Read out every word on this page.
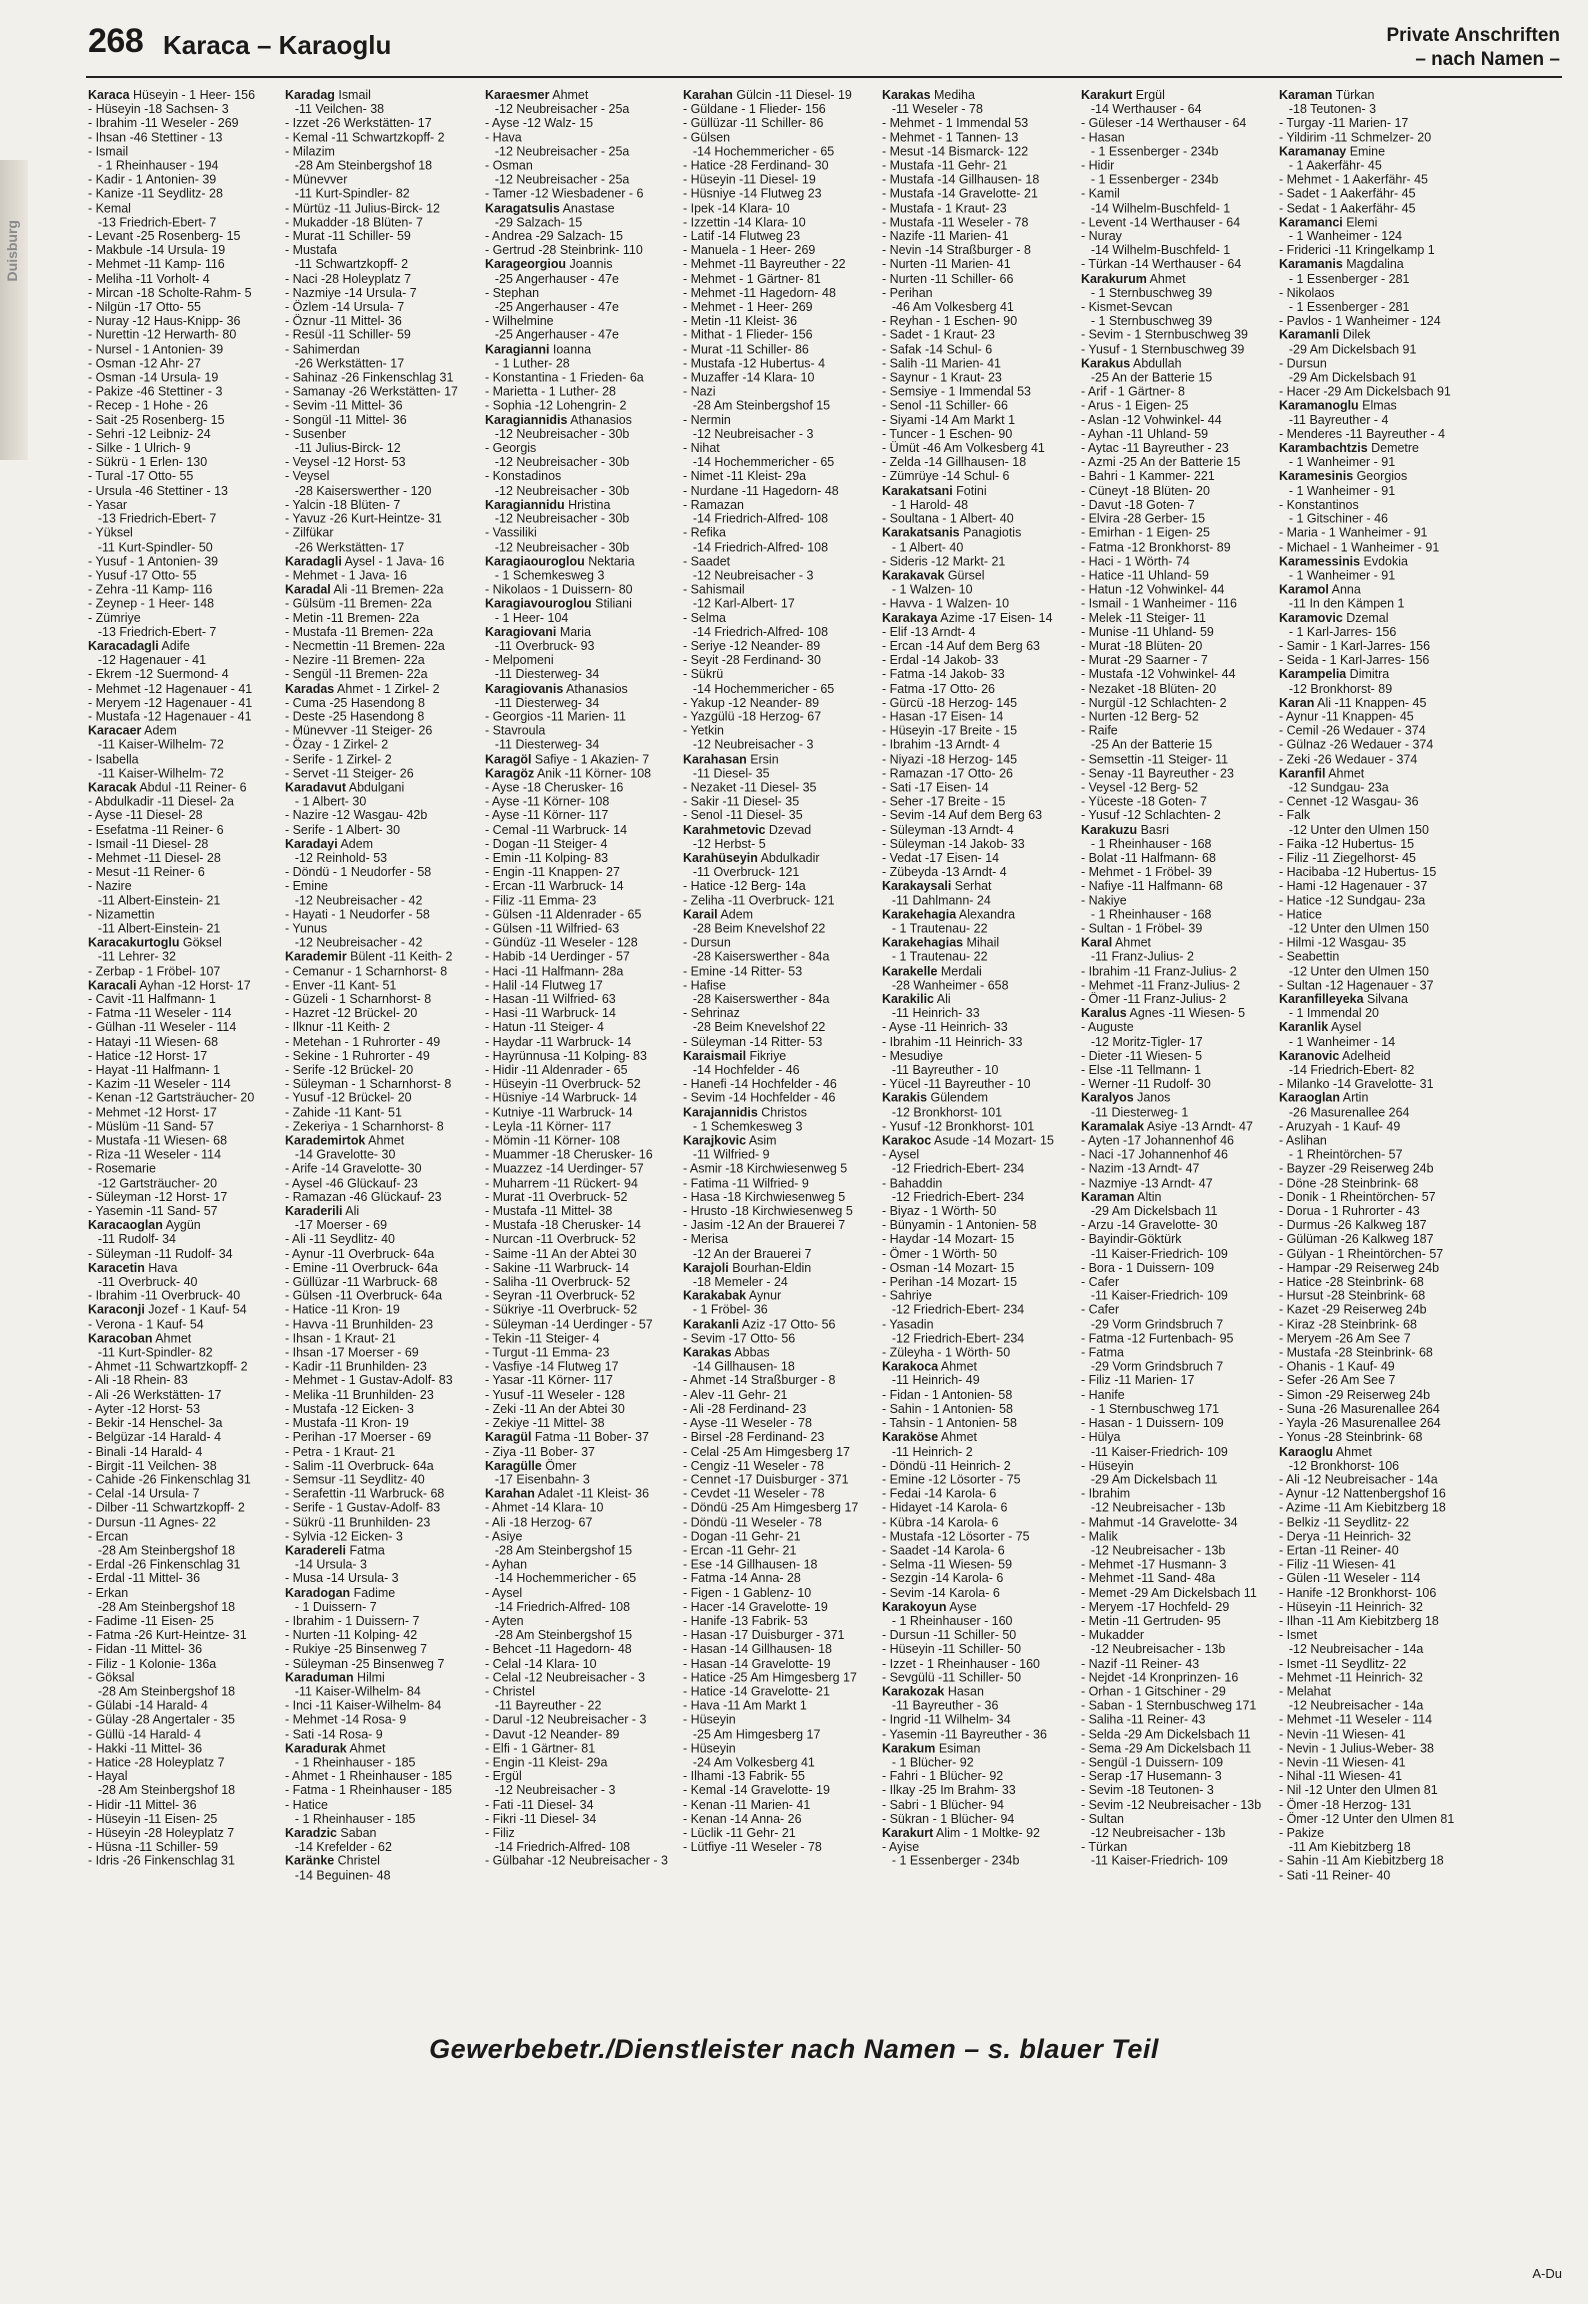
Duisburg
268 Karaca – Karaoglu	Private Anschriften
– nach Namen –
Karaca Hüseyin - 1 Heer- 156
- Hüseyin -18 Sachsen- 3
- Ibrahim -11 Weseler - 269
- Ihsan -46 Stettiner - 13
- Ismail
- 1 Rheinhauser - 194
- Kadir - 1 Antonien- 39
- Kanize -11 Seydlitz- 28
- Kemal
-13 Friedrich-Ebert- 7
- Levant -25 Rosenberg- 15
- Makbule -14 Ursula- 19
- Mehmet -11 Kamp- 116
- Meliha -11 Vorholt- 4
- Mircan -18 Scholte-Rahm- 5
- Nilgün -17 Otto- 55
- Nuray -12 Haus-Knipp- 36
- Nurettin -12 Herwarth- 80
- Nursel - 1 Antonien- 39
- Osman -12 Ahr- 27
- Osman -14 Ursula- 19
- Pakize -46 Stettiner - 3
- Recep - 1 Hohe - 26
- Sait -25 Rosenberg- 15
- Sehri -12 Leibniz- 24
- Silke - 1 Ulrich- 9
- Sükrü - 1 Erlen- 130
- Tural -17 Otto- 55
- Ursula -46 Stettiner - 13
- Yasar
-13 Friedrich-Ebert- 7
- Yüksel
-11 Kurt-Spindler- 50
- Yusuf - 1 Antonien- 39
- Yusuf -17 Otto- 55
- Zehra -11 Kamp- 116
- Zeynep - 1 Heer- 148
- Zümriye
-13 Friedrich-Ebert- 7
Karacadagli Adife
-12 Hagenauer - 41
- Ekrem -12 Suermond- 4
- Mehmet -12 Hagenauer - 41
- Meryem -12 Hagenauer - 41
- Mustafa -12 Hagenauer - 41
Karacaer Adem
-11 Kaiser-Wilhelm- 72
- Isabella
-11 Kaiser-Wilhelm- 72
Karacak Abdul -11 Reiner- 6
- Abdulkadir -11 Diesel- 2a
- Ayse -11 Diesel- 28
- Esefatma -11 Reiner- 6
- Ismail -11 Diesel- 28
- Mehmet -11 Diesel- 28
- Mesut -11 Reiner- 6
- Nazire
-11 Albert-Einstein- 21
- Nizamettin
-11 Albert-Einstein- 21
Karacakurtoglu Göksel
-11 Lehrer- 32
- Zerbap - 1 Fröbel- 107
Karacali Ayhan -12 Horst- 17
- Cavit -11 Halfmann- 1
- Fatma -11 Weseler - 114
- Gülhan -11 Weseler - 114
- Hatayi -11 Wiesen- 68
- Hatice -12 Horst- 17
- Hayat -11 Halfmann- 1
- Kazim -11 Weseler - 114
- Kenan -12 Gartsträucher- 20
- Mehmet -12 Horst- 17
- Müslüm -11 Sand- 57
- Mustafa -11 Wiesen- 68
- Riza -11 Weseler - 114
- Rosemarie
-12 Gartsträucher- 20
- Süleyman -12 Horst- 17
- Yasemin -11 Sand- 57
Karacaoglan Aygün
-11 Rudolf- 34
- Süleyman -11 Rudolf- 34
Karacetin Hava
-11 Overbruck- 40
- Ibrahim -11 Overbruck- 40
Karaconji Jozef - 1 Kauf- 54
- Verona - 1 Kauf- 54
Karacoban Ahmet
-11 Kurt-Spindler- 82
- Ahmet -11 Schwartzkopff- 2
- Ali -18 Rhein- 83
- Ali -26 Werkstätten- 17
- Ayter -12 Horst- 53
- Bekir -14 Henschel- 3a
- Belgüzar -14 Harald- 4
- Binali -14 Harald- 4
- Birgit -11 Veilchen- 38
- Cahide -26 Finkenschlag 31
- Celal -14 Ursula- 7
- Dilber -11 Schwartzkopff- 2
- Dursun -11 Agnes- 22
- Ercan
-28 Am Steinbergshof 18
- Erdal -26 Finkenschlag 31
- Erdal -11 Mittel- 36
- Erkan
-28 Am Steinbergshof 18
- Fadime -11 Eisen- 25
- Fatma -26 Kurt-Heintze- 31
- Fidan -11 Mittel- 36
- Filiz - 1 Kolonie- 136a
- Göksal
-28 Am Steinbergshof 18
- Gülabi -14 Harald- 4
- Gülay -28 Angertaler - 35
- Güllü -14 Harald- 4
- Hakki -11 Mittel- 36
- Hatice -28 Holeyplatz 7
- Hayal
-28 Am Steinbergshof 18
- Hidir -11 Mittel- 36
- Hüseyin -11 Eisen- 25
- Hüseyin -28 Holeyplatz 7
- Hüsna -11 Schiller- 59
- Idris -26 Finkenschlag 31
Karadag Ismail
-11 Veilchen- 38
- Izzet -26 Werkstätten- 17
- Kemal -11 Schwartzkopff- 2
- Milazim
-28 Am Steinbergshof 18
- Münevver
-11 Kurt-Spindler- 82
- Mürtüz -11 Julius-Birck- 12
- Mukadder -18 Blüten- 7
- Murat -11 Schiller- 59
- Mustafa
-11 Schwartzkopff- 2
- Naci -28 Holeyplatz 7
- Nazmiye -14 Ursula- 7
- Özlem -14 Ursula- 7
- Öznur -11 Mittel- 36
- Resül -11 Schiller- 59
- Sahimerdan
-26 Werkstätten- 17
- Sahinaz -26 Finkenschlag 31
- Samanay -26 Werkstätten- 17
- Sevim -11 Mittel- 36
- Songül -11 Mittel- 36
- Susenber
-11 Julius-Birck- 12
- Veysel -12 Horst- 53
- Veysel
-28 Kaiserswerther - 120
- Yalcin -18 Blüten- 7
- Yavuz -26 Kurt-Heintze- 31
- Zilfükar
-26 Werkstätten- 17
Karadagli Aysel - 1 Java- 16
- Mehmet - 1 Java- 16
Karadal Ali -11 Bremen- 22a
- Gülsüm -11 Bremen- 22a
- Metin -11 Bremen- 22a
- Mustafa -11 Bremen- 22a
- Necmettin -11 Bremen- 22a
- Nezire -11 Bremen- 22a
- Sengül -11 Bremen- 22a
Karadas Ahmet - 1 Zirkel- 2
- Cuma -25 Hasendong 8
- Deste -25 Hasendong 8
- Münevver -11 Steiger- 26
- Özay - 1 Zirkel- 2
- Serife - 1 Zirkel- 2
- Servet -11 Steiger- 26
Karadavut Abdulgani
- 1 Albert- 30
- Nazire -12 Wasgau- 42b
- Serife - 1 Albert- 30
Karadayi Adem
-12 Reinhold- 53
- Döndü - 1 Neudorfer - 58
- Emine
-12 Neubreisacher - 42
- Hayati - 1 Neudorfer - 58
- Yunus
-12 Neubreisacher - 42
Karademir Bülent -11 Keith- 2
- Cemanur - 1 Scharnhorst- 8
- Enver -11 Kant- 51
- Güzeli - 1 Scharnhorst- 8
- Hazret -12 Brückel- 20
- Ilknur -11 Keith- 2
- Metehan - 1 Ruhrorter - 49
- Sekine - 1 Ruhrorter - 49
- Serife -12 Brückel- 20
- Süleyman - 1 Scharnhorst- 8
- Yusuf -12 Brückel- 20
- Zahide -11 Kant- 51
- Zekeriya - 1 Scharnhorst- 8
Karademirtok Ahmet
-14 Gravelotte- 30
- Arife -14 Gravelotte- 30
- Aysel -46 Glückauf- 23
- Ramazan -46 Glückauf- 23
Karaderili Ali
-17 Moerser - 69
- Ali -11 Seydlitz- 40
- Aynur -11 Overbruck- 64a
- Emine -11 Overbruck- 64a
- Güllüzar -11 Warbruck- 68
- Gülsen -11 Overbruck- 64a
- Hatice -11 Kron- 19
- Havva -11 Brunhilden- 23
- Ihsan - 1 Kraut- 21
- Ihsan -17 Moerser - 69
- Kadir -11 Brunhilden- 23
- Mehmet - 1 Gustav-Adolf- 83
- Melika -11 Brunhilden- 23
- Mustafa -12 Eicken- 3
- Mustafa -11 Kron- 19
- Perihan -17 Moerser - 69
- Petra - 1 Kraut- 21
- Salim -11 Overbruck- 64a
- Semsur -11 Seydlitz- 40
- Serafettin -11 Warbruck- 68
- Serife - 1 Gustav-Adolf- 83
- Sükrü -11 Brunhilden- 23
- Sylvia -12 Eicken- 3
Karadereli Fatma
-14 Ursula- 3
- Musa -14 Ursula- 3
Karadogan Fadime
- 1 Duissern- 7
- Ibrahim - 1 Duissern- 7
- Nurten -11 Kolping- 42
- Rukiye -25 Binsenweg 7
- Süleyman -25 Binsenweg 7
Karaduman Hilmi
-11 Kaiser-Wilhelm- 84
- Inci -11 Kaiser-Wilhelm- 84
- Mehmet -14 Rosa- 9
- Sati -14 Rosa- 9
Karadurak Ahmet
- 1 Rheinhauser - 185
- Ahmet - 1 Rheinhauser - 185
- Fatma - 1 Rheinhauser - 185
- Hatice
- 1 Rheinhauser - 185
Karadzic Saban
-14 Krefelder - 62
Karänke Christel
-14 Beguinen- 48
Karaesmer Ahmet
-12 Neubreisacher - 25a
- Ayse -12 Walz- 15
- Hava
-12 Neubreisacher - 25a
- Osman
-12 Neubreisacher - 25a
- Tamer -12 Wiesbadener - 6
Karagatsulis Anastase
-29 Salzach- 15
- Andrea -29 Salzach- 15
- Gertrud -28 Steinbrink- 110
Karageorgiou Joannis
-25 Angerhauser - 47e
- Stephan
-25 Angerhauser - 47e
- Wilhelmine
-25 Angerhauser - 47e
Karagianni Ioanna
- 1 Luther- 28
- Konstantina - 1 Frieden- 6a
- Marietta - 1 Luther- 28
- Sophia -12 Lohengrin- 2
Karagiannidis Athanasios
-12 Neubreisacher - 30b
- Georgis
-12 Neubreisacher - 30b
- Konstadinos
-12 Neubreisacher - 30b
Karagiannidu Hristina
-12 Neubreisacher - 30b
- Vassiliki
-12 Neubreisacher - 30b
Karagiaouroglou Nektaria
- 1 Schemkesweg 3
- Nikolaos - 1 Duissern- 80
Karagiavouroglou Stiliani
- 1 Heer- 104
Karagiovani Maria
-11 Overbruck- 93
- Melpomeni
-11 Diesterweg- 34
Karagiovanis Athanasios
-11 Diesterweg- 34
- Georgios -11 Marien- 11
- Stavroula
-11 Diesterweg- 34
Karagöl Safiye - 1 Akazien- 7
Karagöz Anik -11 Körner- 108
- Ayse -18 Cherusker- 16
- Ayse -11 Körner- 108
- Ayse -11 Körner- 117
- Cemal -11 Warbruck- 14
- Dogan -11 Steiger- 4
- Emin -11 Kolping- 83
- Engin -11 Knappen- 27
- Ercan -11 Warbruck- 14
- Filiz -11 Emma- 23
- Gülsen -11 Aldenrader - 65
- Gülsen -11 Wilfried- 63
- Gündüz -11 Weseler - 128
- Habib -14 Uerdinger - 57
- Haci -11 Halfmann- 28a
- Halil -14 Flutweg 17
- Hasan -11 Wilfried- 63
- Hasi -11 Warbruck- 14
- Hatun -11 Steiger- 4
- Haydar -11 Warbruck- 14
- Hayrünnusa -11 Kolping- 83
- Hidir -11 Aldenrader - 65
- Hüseyin -11 Overbruck- 52
- Hüsniye -14 Warbruck- 14
- Kutniye -11 Warbruck- 14
- Leyla -11 Körner- 117
- Mömin -11 Körner- 108
- Muammer -18 Cherusker- 16
- Muazzez -14 Uerdinger- 57
- Muharrem -11 Rückert- 94
- Murat -11 Overbruck- 52
- Mustafa -11 Mittel- 38
- Mustafa -18 Cherusker- 14
- Nurcan -11 Overbruck- 52
- Saime -11 An der Abtei 30
- Sakine -11 Warbruck- 14
- Saliha -11 Overbruck- 52
- Seyran -11 Overbruck- 52
- Sükriye -11 Overbruck- 52
- Süleyman -14 Uerdinger - 57
- Tekin -11 Steiger- 4
- Turgut -11 Emma- 23
- Vasfiye -14 Flutweg 17
- Yasar -11 Körner- 117
- Yusuf -11 Weseler - 128
- Zeki -11 An der Abtei 30
- Zekiye -11 Mittel- 38
Karagül Fatma -11 Bober- 37
- Ziya -11 Bober- 37
Karagülle Ömer
-17 Eisenbahn- 3
Karahan Adalet -11 Kleist- 36
- Ahmet -14 Klara- 10
- Ali -18 Herzog- 67
- Asiye
-28 Am Steinbergshof 15
- Ayhan
-14 Hochemmericher - 65
- Aysel
-14 Friedrich-Alfred- 108
- Ayten
-28 Am Steinbergshof 15
- Behcet -11 Hagedorn- 48
- Celal -14 Klara- 10
- Celal -12 Neubreisacher - 3
- Christel
-11 Bayreuther - 22
- Darul -12 Neubreisacher - 3
- Davut -12 Neander- 89
- Elfi - 1 Gärtner- 81
- Engin -11 Kleist- 29a
- Ergül
-12 Neubreisacher - 3
- Fati -11 Diesel- 34
- Fikri -11 Diesel- 34
- Filiz
-14 Friedrich-Alfred- 108
- Gülbahar -12 Neubreisacher - 3
Karahan Gülcin -11 Diesel- 19
- Güldane - 1 Flieder- 156
- Güllüzar -11 Schiller- 86
- Gülsen
-14 Hochemmericher - 65
- Hatice -28 Ferdinand- 30
- Hüseyin -11 Diesel- 19
- Hüsniye -14 Flutweg 23
- Ipek -14 Klara- 10
- Izzettin -14 Klara- 10
- Latif -14 Flutweg 23
- Manuela - 1 Heer- 269
- Mehmet -11 Bayreuther - 22
- Mehmet - 1 Gärtner- 81
- Mehmet -11 Hagedorn- 48
- Mehmet - 1 Heer- 269
- Metin -11 Kleist- 36
- Mithat - 1 Flieder- 156
- Murat -11 Schiller- 86
- Mustafa -12 Hubertus- 4
- Muzaffer -14 Klara- 10
- Nazi
-28 Am Steinbergshof 15
- Nermin
-12 Neubreisacher - 3
- Nihat
-14 Hochemmericher - 65
- Nimet -11 Kleist- 29a
- Nurdane -11 Hagedorn- 48
- Ramazan
-14 Friedrich-Alfred- 108
- Refika
-14 Friedrich-Alfred- 108
- Saadet
-12 Neubreisacher - 3
- Sahismail
-12 Karl-Albert- 17
- Selma
-14 Friedrich-Alfred- 108
- Seriye -12 Neander- 89
- Seyit -28 Ferdinand- 30
- Sükrü
-14 Hochemmericher - 65
- Yakup -12 Neander- 89
- Yazgülü -18 Herzog- 67
- Yetkin
-12 Neubreisacher - 3
Karahasan Ersin
-11 Diesel- 35
- Nezaket -11 Diesel- 35
- Sakir -11 Diesel- 35
- Senol -11 Diesel- 35
Karahmetovic Dzevad
-12 Herbst- 5
Karahüseyin Abdulkadir
-11 Overbruck- 121
- Hatice -12 Berg- 14a
- Zeliha -11 Overbruck- 121
Karail Adem
-28 Beim Knevelshof 22
- Dursun
-28 Kaiserswerther - 84a
- Emine -14 Ritter- 53
- Hafise
-28 Kaiserswerther - 84a
- Sehrinaz
-28 Beim Knevelshof 22
- Süleyman -14 Ritter- 53
Karaismail Fikriye
-14 Hochfelder - 46
- Hanefi -14 Hochfelder - 46
- Sevim -14 Hochfelder - 46
Karajannidis Christos
- 1 Schemkesweg 3
Karajkovic Asim
-11 Wilfried- 9
- Asmir -18 Kirchwiesenweg 5
- Fatima -11 Wilfried- 9
- Hasa -18 Kirchwiesenweg 5
- Hrusto -18 Kirchwiesenweg 5
- Jasim -12 An der Brauerei 7
- Merisa
-12 An der Brauerei 7
Karajoli Bourhan-Eldin
-18 Memeler - 24
Karakabak Aynur
- 1 Fröbel- 36
Karakanli Aziz -17 Otto- 56
- Sevim -17 Otto- 56
Karakas Abbas
-14 Gillhausen- 18
- Ahmet -14 Straßburger - 8
- Alev -11 Gehr- 21
- Ali -28 Ferdinand- 23
- Ayse -11 Weseler - 78
- Birsel -28 Ferdinand- 23
- Celal -25 Am Himgesberg 17
- Cengiz -11 Weseler - 78
- Cennet -17 Duisburger - 371
- Cevdet -11 Weseler - 78
- Döndü -25 Am Himgesberg 17
- Döndü -11 Weseler - 78
- Dogan -11 Gehr- 21
- Ercan -11 Gehr- 21
- Ese -14 Gillhausen- 18
- Fatma -14 Anna- 28
- Figen - 1 Gablenz- 10
- Hacer -14 Gravelotte- 19
- Hanife -13 Fabrik- 53
- Hasan -17 Duisburger - 371
- Hasan -14 Gillhausen- 18
- Hasan -14 Gravelotte- 19
- Hatice -25 Am Himgesberg 17
- Hatice -14 Gravelotte- 21
- Hava -11 Am Markt 1
- Hüseyin
-25 Am Himgesberg 17
- Hüseyin
-24 Am Volkesberg 41
- Ilhami -13 Fabrik- 55
- Kemal -14 Gravelotte- 19
- Kenan -11 Marien- 41
- Kenan -14 Anna- 26
- Lüclik -11 Gehr- 21
- Lütfiye -11 Weseler - 78
Karakas Mediha
-11 Weseler - 78
- Mehmet - 1 Immendal 53
- Mehmet - 1 Tannen- 13
- Mesut -14 Bismarck- 122
- Mustafa -11 Gehr- 21
- Mustafa -14 Gillhausen- 18
- Mustafa -14 Gravelotte- 21
- Mustafa - 1 Kraut- 23
- Mustafa -11 Weseler - 78
- Nazife -11 Marien- 41
- Nevin -14 Straßburger - 8
- Nurten -11 Marien- 41
- Nurten -11 Schiller- 66
- Perihan
-46 Am Volkesberg 41
- Reyhan - 1 Eschen- 90
- Sadet - 1 Kraut- 23
- Safak -14 Schul- 6
- Salih -11 Marien- 41
- Saynur - 1 Kraut- 23
- Semsiye - 1 Immendal 53
- Senol -11 Schiller- 66
- Siyami -14 Am Markt 1
- Tuncer - 1 Eschen- 90
- Ümüt -46 Am Volkesberg 41
- Zelda -14 Gillhausen- 18
- Zümrüye -14 Schul- 6
Karakatsani Fotini
- 1 Harold- 48
- Soultana - 1 Albert- 40
Karakatsanis Panagiotis
- 1 Albert- 40
- Sideris -12 Markt- 21
Karakavak Gürsel
- 1 Walzen- 10
- Havva - 1 Walzen- 10
Karakaya Azime -17 Eisen- 14
- Elif -13 Arndt- 4
- Ercan -14 Auf dem Berg 63
- Erdal -14 Jakob- 33
- Fatma -14 Jakob- 33
- Fatma -17 Otto- 26
- Gürcü -18 Herzog- 145
- Hasan -17 Eisen- 14
- Hüseyin -17 Breite - 15
- Ibrahim -13 Arndt- 4
- Niyazi -18 Herzog- 145
- Ramazan -17 Otto- 26
- Sati -17 Eisen- 14
- Seher -17 Breite - 15
- Sevim -14 Auf dem Berg 63
- Süleyman -13 Arndt- 4
- Süleyman -14 Jakob- 33
- Vedat -17 Eisen- 14
- Zübeyda -13 Arndt- 4
Karakaysali Serhat
-11 Dahlmann- 24
Karakehagia Alexandra
- 1 Trautenau- 22
Karakehagias Mihail
- 1 Trautenau- 22
Karakelle Merdali
-28 Wanheimer - 658
Karakilic Ali
-11 Heinrich- 33
- Ayse -11 Heinrich- 33
- Ibrahim -11 Heinrich- 33
- Mesudiye
-11 Bayreuther - 10
- Yücel -11 Bayreuther - 10
Karakis Gülendem
-12 Bronkhorst- 101
- Yusuf -12 Bronkhorst- 101
Karakoc Asude -14 Mozart- 15
- Aysel
-12 Friedrich-Ebert- 234
- Bahaddin
-12 Friedrich-Ebert- 234
- Biyaz - 1 Wörth- 50
- Bünyamin - 1 Antonien- 58
- Haydar -14 Mozart- 15
- Ömer - 1 Wörth- 50
- Osman -14 Mozart- 15
- Perihan -14 Mozart- 15
- Sahriye
-12 Friedrich-Ebert- 234
- Yasadin
-12 Friedrich-Ebert- 234
- Züleyha - 1 Wörth- 50
Karakoca Ahmet
-11 Heinrich- 49
- Fidan - 1 Antonien- 58
- Sahin - 1 Antonien- 58
- Tahsin - 1 Antonien- 58
Karaköse Ahmet
-11 Heinrich- 2
- Döndü -11 Heinrich- 2
- Emine -12 Lösorter - 75
- Fedai -14 Karola- 6
- Hidayet -14 Karola- 6
- Kübra -14 Karola- 6
- Mustafa -12 Lösorter - 75
- Saadet -14 Karola- 6
- Selma -11 Wiesen- 59
- Sezgin -14 Karola- 6
- Sevim -14 Karola- 6
Karakoyun Ayse
- 1 Rheinhauser - 160
- Dursun -11 Schiller- 50
- Hüseyin -11 Schiller- 50
- Izzet - 1 Rheinhauser - 160
- Sevgülü -11 Schiller- 50
Karakozak Hasan
-11 Bayreuther - 36
- Ingrid -11 Wilhelm- 34
- Yasemin -11 Bayreuther - 36
Karakum Esiman
- 1 Blücher- 92
- Fahri - 1 Blücher- 92
- Ilkay -25 Im Brahm- 33
- Sabri - 1 Blücher- 94
- Sükran - 1 Blücher- 94
Karakurt Alim - 1 Moltke- 92
- Ayise
- 1 Essenberger - 234b
Karakurt Ergül
-14 Werthauser - 64
- Güleser -14 Werthauser - 64
- Hasan
- 1 Essenberger - 234b
- Hidir
- 1 Essenberger - 234b
- Kamil
-14 Wilhelm-Buschfeld- 1
- Levent -14 Werthauser - 64
- Nuray
-14 Wilhelm-Buschfeld- 1
- Türkan -14 Werthauser - 64
Karakurum Ahmet
- 1 Sternbuschweg 39
- Kismet-Sevcan
- 1 Sternbuschweg 39
- Sevim - 1 Sternbuschweg 39
- Yusuf - 1 Sternbuschweg 39
Karakus Abdullah
-25 An der Batterie 15
- Arif - 1 Gärtner- 8
- Arus - 1 Eigen- 25
- Aslan -12 Vohwinkel- 44
- Ayhan -11 Uhland- 59
- Aytac -11 Bayreuther - 23
- Azmi -25 An der Batterie 15
- Bahri - 1 Kammer- 221
- Cüneyt -18 Blüten- 20
- Davut -18 Goten- 7
- Elvira -28 Gerber- 15
- Emirhan - 1 Eigen- 25
- Fatma -12 Bronkhorst- 89
- Haci - 1 Wörth- 74
- Hatice -11 Uhland- 59
- Hatun -12 Vohwinkel- 44
- Ismail - 1 Wanheimer - 116
- Melek -11 Steiger- 11
- Munise -11 Uhland- 59
- Murat -18 Blüten- 20
- Murat -29 Saarner - 7
- Mustafa -12 Vohwinkel- 44
- Nezaket -18 Blüten- 20
- Nurgül -12 Schlachten- 2
- Nurten -12 Berg- 52
- Raife
-25 An der Batterie 15
- Semsettin -11 Steiger- 11
- Senay -11 Bayreuther - 23
- Veysel -12 Berg- 52
- Yüceste -18 Goten- 7
- Yusuf -12 Schlachten- 2
Karakuzu Basri
- 1 Rheinhauser - 168
- Bolat -11 Halfmann- 68
- Mehmet - 1 Fröbel- 39
- Nafiye -11 Halfmann- 68
- Nakiye
- 1 Rheinhauser - 168
- Sultan - 1 Fröbel- 39
Karal Ahmet
-11 Franz-Julius- 2
- Ibrahim -11 Franz-Julius- 2
- Mehmet -11 Franz-Julius- 2
- Ömer -11 Franz-Julius- 2
Karalus Agnes -11 Wiesen- 5
- Auguste
-12 Moritz-Tigler- 17
- Dieter -11 Wiesen- 5
- Else -11 Tellmann- 1
- Werner -11 Rudolf- 30
Karalyos Janos
-11 Diesterweg- 1
Karamalak Asiye -13 Arndt- 47
- Ayten -17 Johannenhof 46
- Naci -17 Johannenhof 46
- Nazim -13 Arndt- 47
- Nazmiye -13 Arndt- 47
Karaman Altin
-29 Am Dickelsbach 11
- Arzu -14 Gravelotte- 30
- Bayindir-Göktürk
-11 Kaiser-Friedrich- 109
- Bora - 1 Duissern- 109
- Cafer
-11 Kaiser-Friedrich- 109
- Cafer
-29 Vorm Grindsbruch 7
- Fatma -12 Furtenbach- 95
- Fatma
-29 Vorm Grindsbruch 7
- Filiz -11 Marien- 17
- Hanife
- 1 Sternbuschweg 171
- Hasan - 1 Duissern- 109
- Hülya
-11 Kaiser-Friedrich- 109
- Hüseyin
-29 Am Dickelsbach 11
- Ibrahim
-12 Neubreisacher - 13b
- Mahmut -14 Gravelotte- 34
- Malik
-12 Neubreisacher - 13b
- Mehmet -17 Husmann- 3
- Mehmet -11 Sand- 48a
- Memet -29 Am Dickelsbach 11
- Meryem -17 Hochfeld- 29
- Metin -11 Gertruden- 95
- Mukadder
-12 Neubreisacher - 13b
- Nazif -11 Reiner- 43
- Nejdet -14 Kronprinzen- 16
- Orhan - 1 Gitschiner - 29
- Saban - 1 Sternbuschweg 171
- Saliha -11 Reiner- 43
- Selda -29 Am Dickelsbach 11
- Sema -29 Am Dickelsbach 11
- Sengül -1 Duissern- 109
- Serap -17 Husemann- 3
- Sevim -18 Teutonen- 3
- Sevim -12 Neubreisacher - 13b
- Sultan
-12 Neubreisacher - 13b
- Türkan
-11 Kaiser-Friedrich- 109
Karaman Türkan
-18 Teutonen- 3
- Turgay -11 Marien- 17
- Yildirim -11 Schmelzer- 20
Karamanay Emine
- 1 Aakerfähr- 45
- Mehmet - 1 Aakerfähr- 45
- Sadet - 1 Aakerfähr- 45
- Sedat - 1 Aakerfähr- 45
Karamanci Elemi
- 1 Wanheimer - 124
- Friderici -11 Kringelkamp 1
Karamanis Magdalina
- 1 Essenberger - 281
- Nikolaos
- 1 Essenberger - 281
- Pavlos - 1 Wanheimer - 124
Karamanli Dilek
-29 Am Dickelsbach 91
- Dursun
-29 Am Dickelsbach 91
- Hacer -29 Am Dickelsbach 91
Karamanoglu Elmas
-11 Bayreuther - 4
- Menderes -11 Bayreuther - 4
Karambachtzis Demetre
- 1 Wanheimer - 91
Karamesinis Georgios
- 1 Wanheimer - 91
- Konstantinos
- 1 Gitschiner - 46
- Maria - 1 Wanheimer - 91
- Michael - 1 Wanheimer - 91
Karamessinis Evdokia
- 1 Wanheimer - 91
Karamol Anna
-11 In den Kämpen 1
Karamovic Dzemal
- 1 Karl-Jarres- 156
- Samir - 1 Karl-Jarres- 156
- Seida - 1 Karl-Jarres- 156
Karampelia Dimitra
-12 Bronkhorst- 89
Karan Ali -11 Knappen- 45
- Aynur -11 Knappen- 45
- Cemil -26 Wedauer - 374
- Gülnaz -26 Wedauer - 374
- Zeki -26 Wedauer - 374
Karanfil Ahmet
-12 Sundgau- 23a
- Cennet -12 Wasgau- 36
- Falk
-12 Unter den Ulmen 150
- Faika -12 Hubertus- 15
- Filiz -11 Ziegelhorst- 45
- Hacibaba -12 Hubertus- 15
- Hami -12 Hagenauer - 37
- Hatice -12 Sundgau- 23a
- Hatice
-12 Unter den Ulmen 150
- Hilmi -12 Wasgau- 35
- Seabettin
-12 Unter den Ulmen 150
- Sultan -12 Hagenauer - 37
Karanfilleyeka Silvana
- 1 Immendal 20
Karanlik Aysel
- 1 Wanheimer - 14
Karanovic Adelheid
-14 Friedrich-Ebert- 82
- Milanko -14 Gravelotte- 31
Karaoglan Artin
-26 Masurenallee 264
- Aruzyah - 1 Kauf- 49
- Aslihan
- 1 Rheintörchen- 57
- Bayzer -29 Reiserweg 24b
- Döne -28 Steinbrink- 68
- Donik - 1 Rheintörchen- 57
- Dorua - 1 Ruhrorter - 43
- Durmus -26 Kalkweg 187
- Gülüman -26 Kalkweg 187
- Gülyan - 1 Rheintörchen- 57
- Hampar -29 Reiserweg 24b
- Hatice -28 Steinbrink- 68
- Hursut -28 Steinbrink- 68
- Kazet -29 Reiserweg 24b
- Kiraz -28 Steinbrink- 68
- Meryem -26 Am See 7
- Mustafa -28 Steinbrink- 68
- Ohanis - 1 Kauf- 49
- Sefer -26 Am See 7
- Simon -29 Reiserweg 24b
- Suna -26 Masurenallee 264
- Yayla -26 Masurenallee 264
- Yonus -28 Steinbrink- 68
Karaoglu Ahmet
-12 Bronkhorst- 106
- Ali -12 Neubreisacher - 14a
- Aynur -12 Nattenbergshof 16
- Azime -11 Am Kiebitzberg 18
- Belkiz -11 Seydlitz- 22
- Derya -11 Heinrich- 32
- Ertan -11 Reiner- 40
- Filiz -11 Wiesen- 41
- Gülen -11 Weseler - 114
- Hanife -12 Bronkhorst- 106
- Hüseyin -11 Heinrich- 32
- Ilhan -11 Am Kiebitzberg 18
- Ismet
-12 Neubreisacher - 14a
- Ismet -11 Seydlitz- 22
- Mehmet -11 Heinrich- 32
- Melahat
-12 Neubreisacher - 14a
- Mehmet -11 Weseler - 114
- Nevin -11 Wiesen- 41
- Nevin - 1 Julius-Weber- 38
- Nevin -11 Wiesen- 41
- Nihal -11 Wiesen- 41
- Nil -12 Unter den Ulmen 81
- Ömer -18 Herzog- 131
- Ömer -12 Unter den Ulmen 81
- Pakize
-11 Am Kiebitzberg 18
- Sahin -11 Am Kiebitzberg 18
- Sati -11 Reiner- 40
Gewerbebetr./Dienstleister nach Namen – s. blauer Teil
A-Du
